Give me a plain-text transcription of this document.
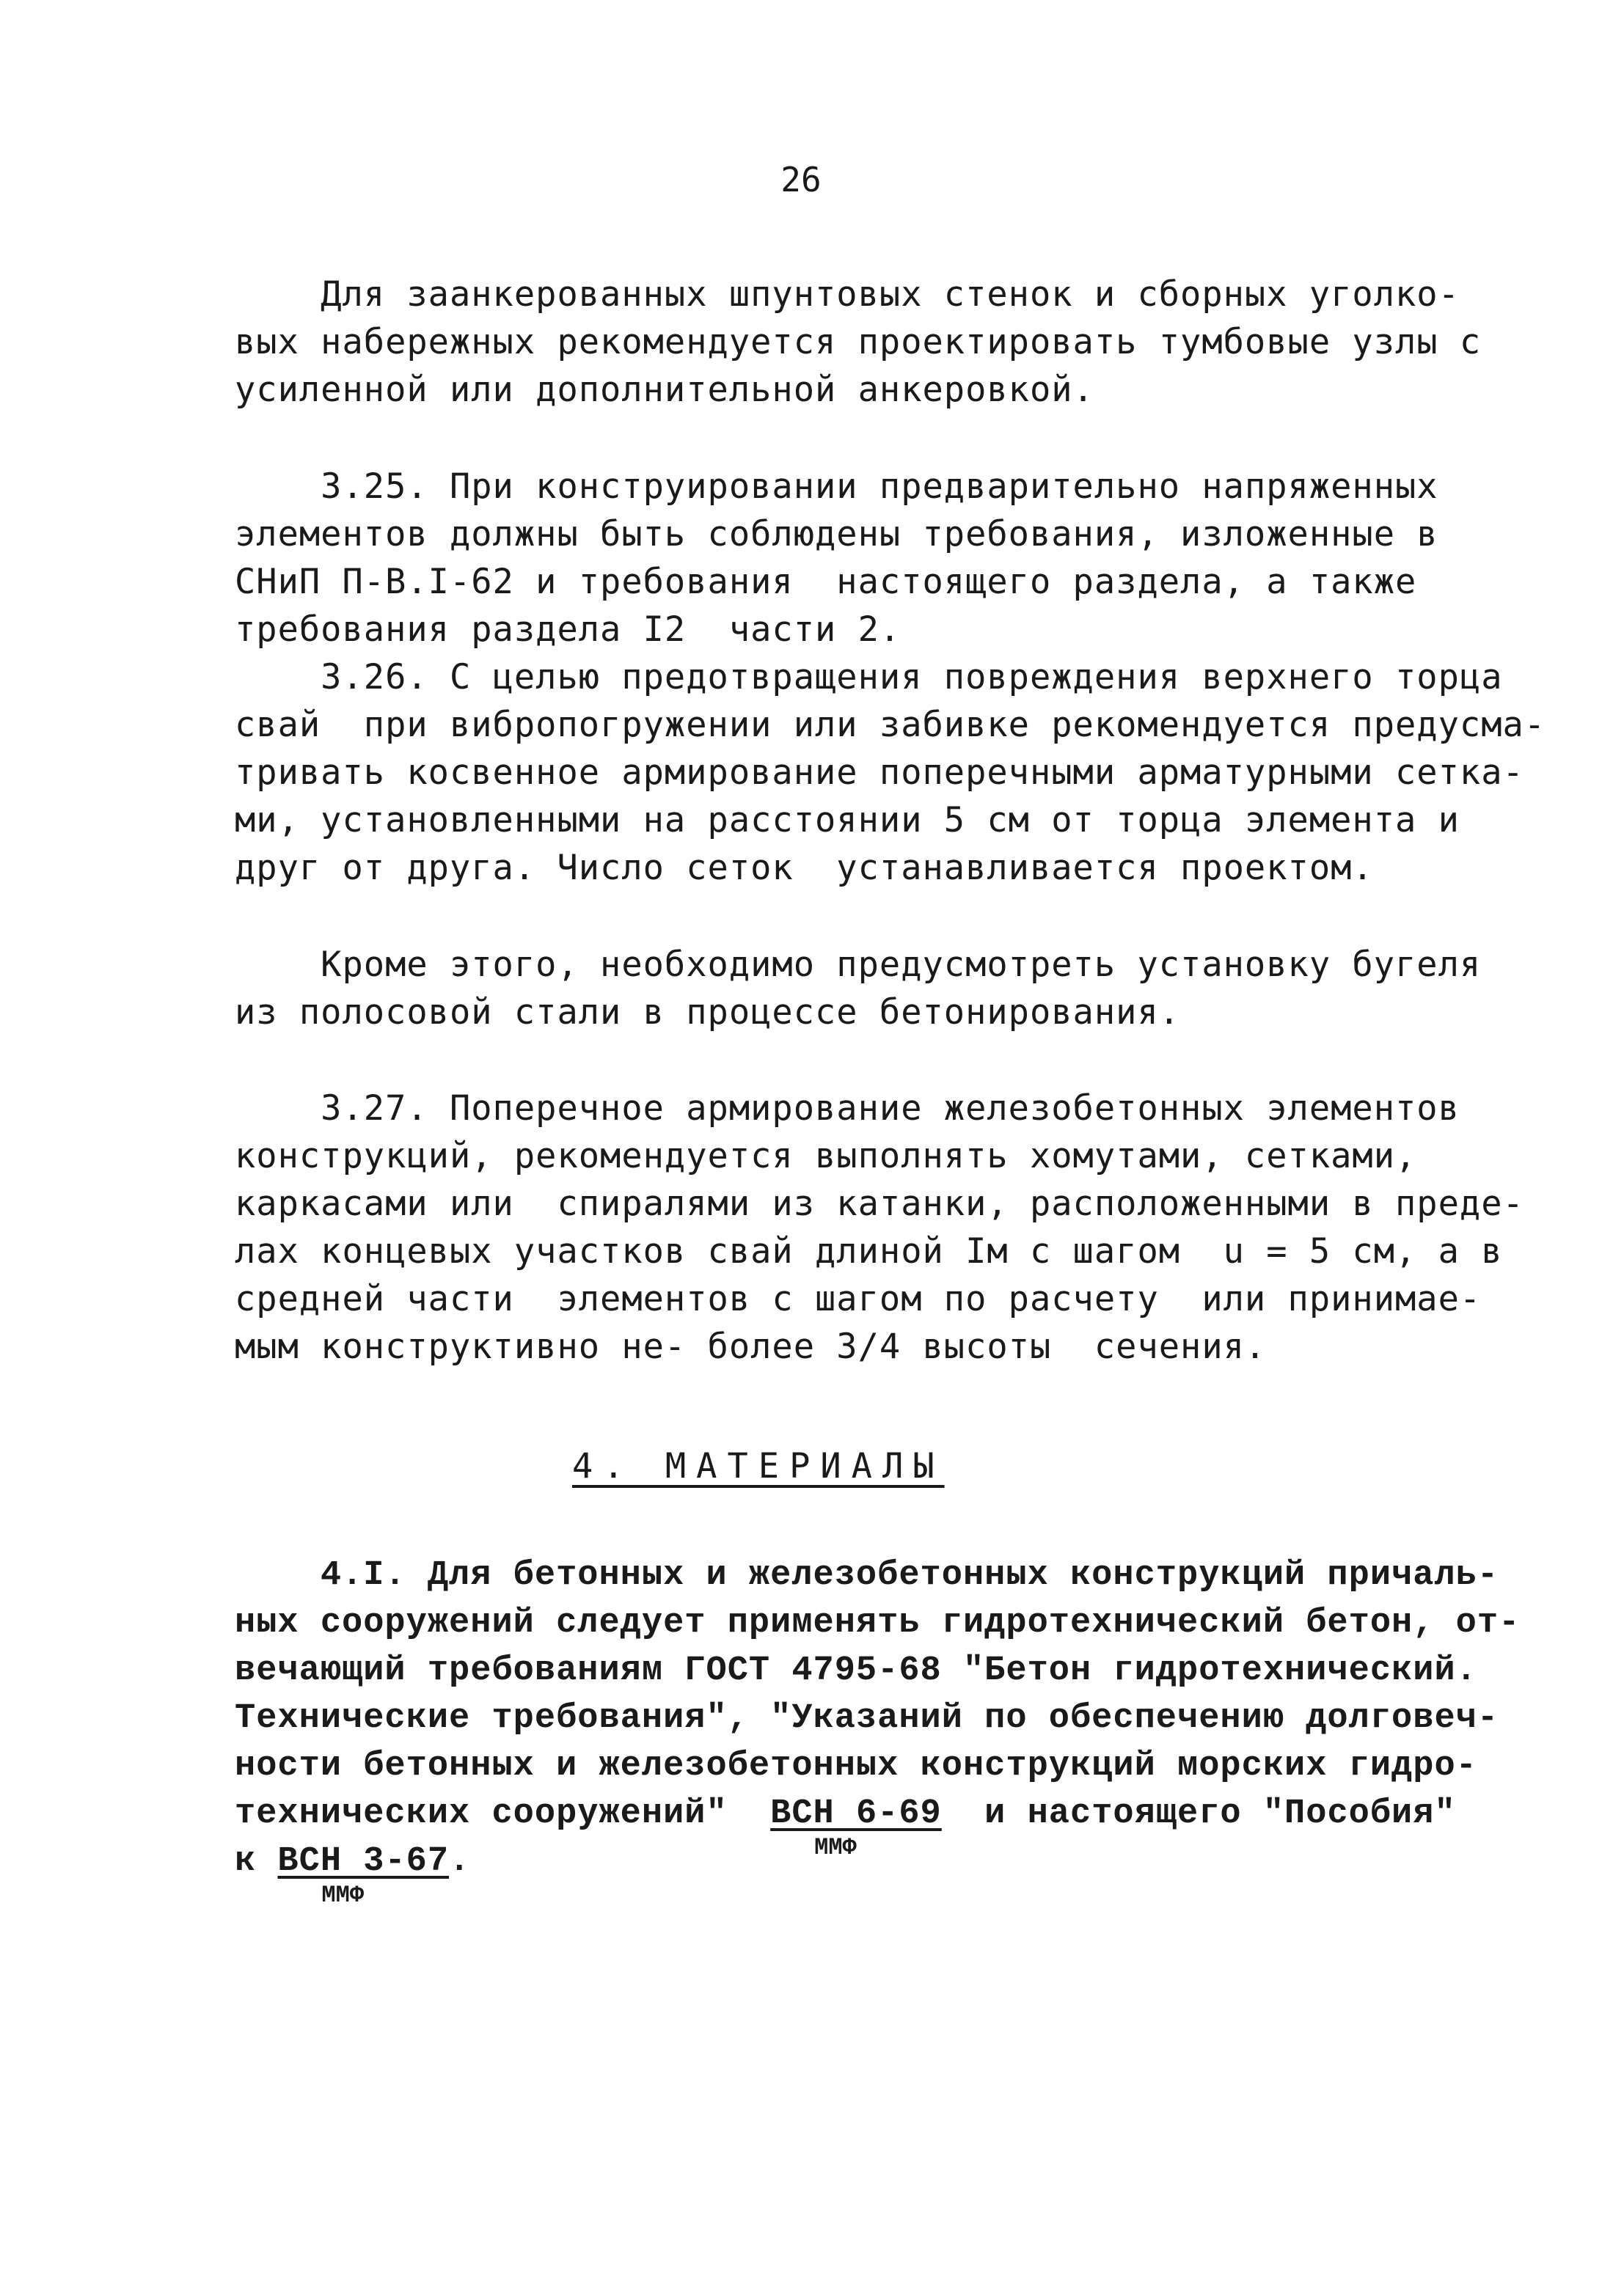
26
Для заанкерованных шпунтовых стенок и сборных уголко-
вых набережных рекомендуется проектировать тумбовые узлы с
усиленной или дополнительной анкеровкой.
3.25. При конструировании предварительно напряженных
элементов должны быть соблюдены требования, изложенные в
СНиП П-В.I-62 и требования  настоящего раздела, а также
требования раздела I2  части 2.
3.26. С целью предотвращения повреждения верхнего торца
свай  при вибропогружении или забивке рекомендуется предусма-
тривать косвенное армирование поперечными арматурными сетка-
ми, установленными на расстоянии 5 см от торца элемента и
друг от друга. Число сеток  устанавливается проектом.
Кроме этого, необходимо предусмотреть установку бугеля
из полосовой стали в процессе бетонирования.
3.27. Поперечное армирование железобетонных элементов
конструкций, рекомендуется выполнять хомутами, сетками,
каркасами или  спиралями из катанки, расположенными в преде-
лах концевых участков свай длиной Iм с шагом  u = 5 см, а в
средней части  элементов с шагом по расчету  или принимае-
мым конструктивно не- более 3/4 высоты  сечения.
4. МАТЕРИАЛЫ
4.I. Для бетонных и железобетонных конструкций причаль-
ных сооружений следует применять гидротехнический бетон, от-
вечающий требованиям ГОСТ 4795-68 "Бетон гидротехнический.
Технические требования", "Указаний по обеспечению долговеч-
ности бетонных и железобетонных конструкций морских гидро-
технических сооружений"  ВСН 6-69
ММФ
и настоящего "Пособия"
к ВСН 3-67
ММФ
.
